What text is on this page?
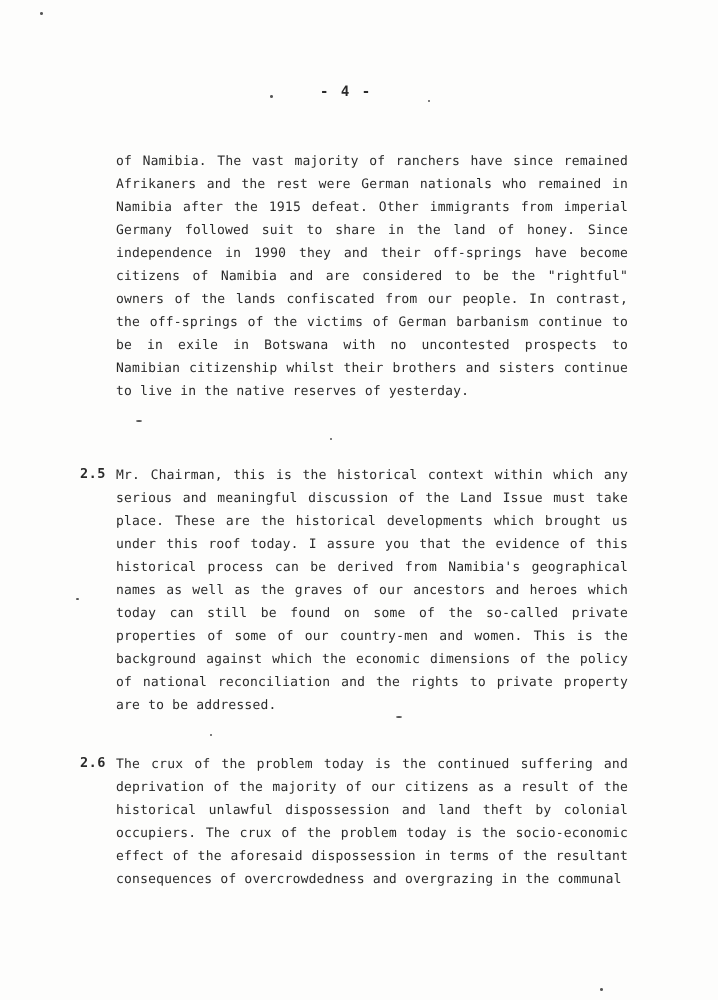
- 4 -

of Namibia. The vast majority of ranchers have since remained Afrikaners and the rest were German nationals who remained in Namibia after the 1915 defeat. Other immigrants from imperial Germany followed suit to share in the land of honey. Since independence in 1990 they and their off-springs have become citizens of Namibia and are considered to be the "rightful" owners of the lands confiscated from our people. In contrast, the off-springs of the victims of German barbanism continue to be in exile in Botswana with no uncontested prospects to Namibian citizenship whilst their brothers and sisters continue to live in the native reserves of yesterday.

2.5 Mr. Chairman, this is the historical context within which any serious and meaningful discussion of the Land Issue must take place. These are the historical developments which brought us under this roof today. I assure you that the evidence of this historical process can be derived from Namibia's geographical names as well as the graves of our ancestors and heroes which today can still be found on some of the so-called private properties of some of our country-men and women. This is the background against which the economic dimensions of the policy of national reconciliation and the rights to private property are to be addressed.

2.6 The crux of the problem today is the continued suffering and deprivation of the majority of our citizens as a result of the historical unlawful dispossession and land theft by colonial occupiers. The crux of the problem today is the socio-economic effect of the aforesaid dispossession in terms of the resultant consequences of overcrowdedness and overgrazing in the communal
